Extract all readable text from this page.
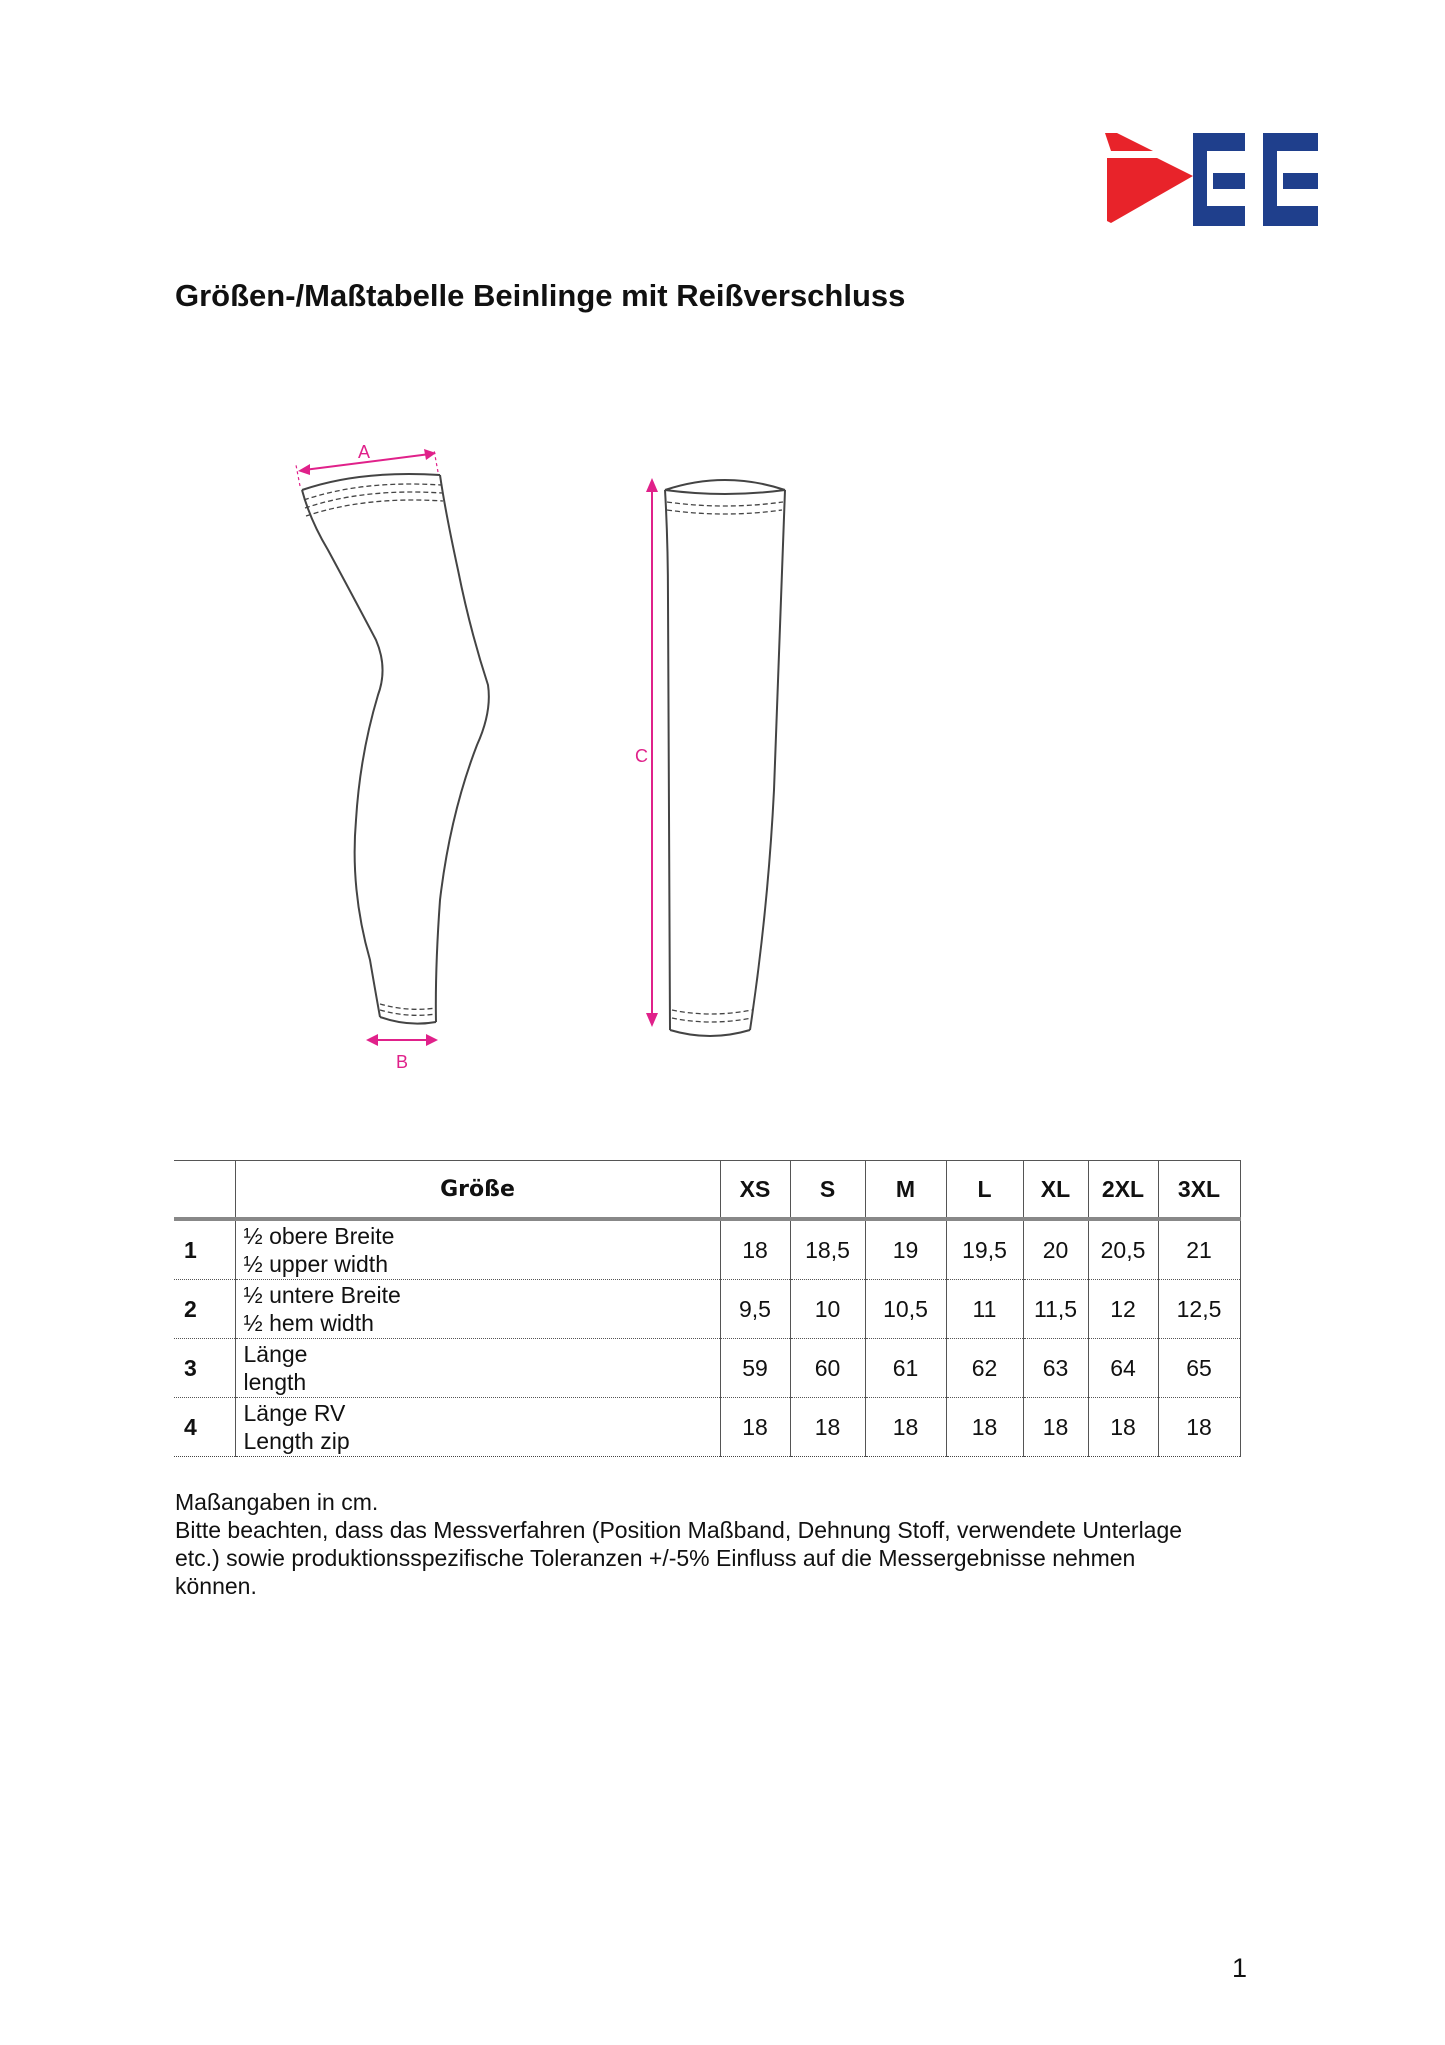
Größen-/Maßtabelle Beinlinge mit Reißverschluss
A
B
C
	Größe	XS	S	M	L	XL	2XL	3XL
1	½ obere Breite
½ upper width	18	18,5	19	19,5	20	20,5	21
2	½ untere Breite
½ hem width	9,5	10	10,5	11	11,5	12	12,5
3	Länge
length	59	60	61	62	63	64	65
4	Länge RV
Length zip	18	18	18	18	18	18	18

Maßangaben in cm.

Bitte beachten, dass das Messverfahren (Position Maßband, Dehnung Stoff, verwendete Unterlage

etc.) sowie produktionsspezifische Toleranzen +/-5% Einfluss auf die Messergebnisse nehmen

können.

1
